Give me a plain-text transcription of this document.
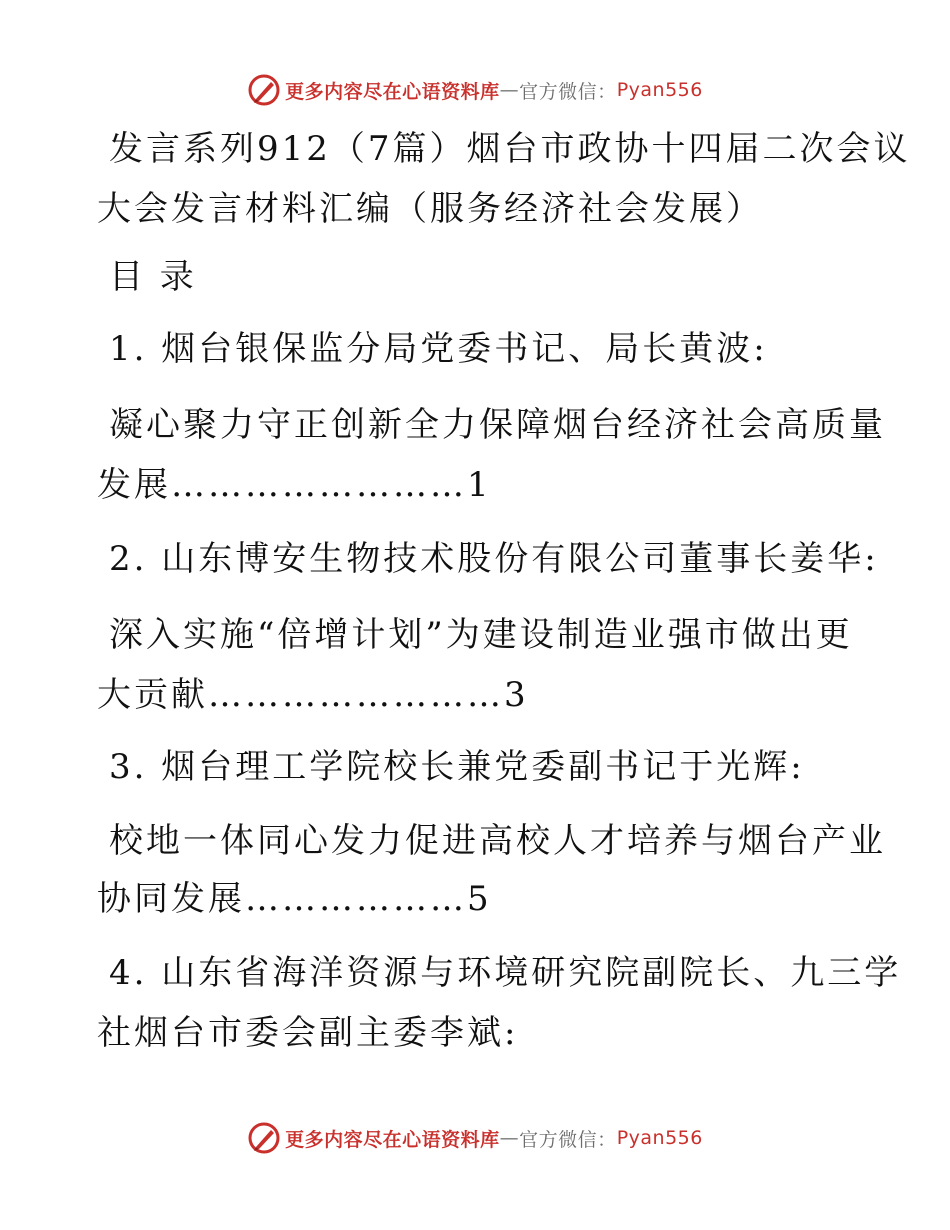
更多内容尽在心语资料库 — 官方微信： Pyan556
发言系列912（7篇）烟台市政协十四届二次会议
大会发言材料汇编（服务经济社会发展）
目 录
1. 烟台银保监分局党委书记、局长黄波:
凝心聚力守正创新全力保障烟台经济社会高质量
发展……………………1
2. 山东博安生物技术股份有限公司董事长姜华:
深入实施“倍增计划”为建设制造业强市做出更
大贡献……………………3
3. 烟台理工学院校长兼党委副书记于光辉:
校地一体同心发力促进高校人才培养与烟台产业
协同发展………………5
4. 山东省海洋资源与环境研究院副院长、九三学
社烟台市委会副主委李斌:
更多内容尽在心语资料库 — 官方微信： Pyan556
